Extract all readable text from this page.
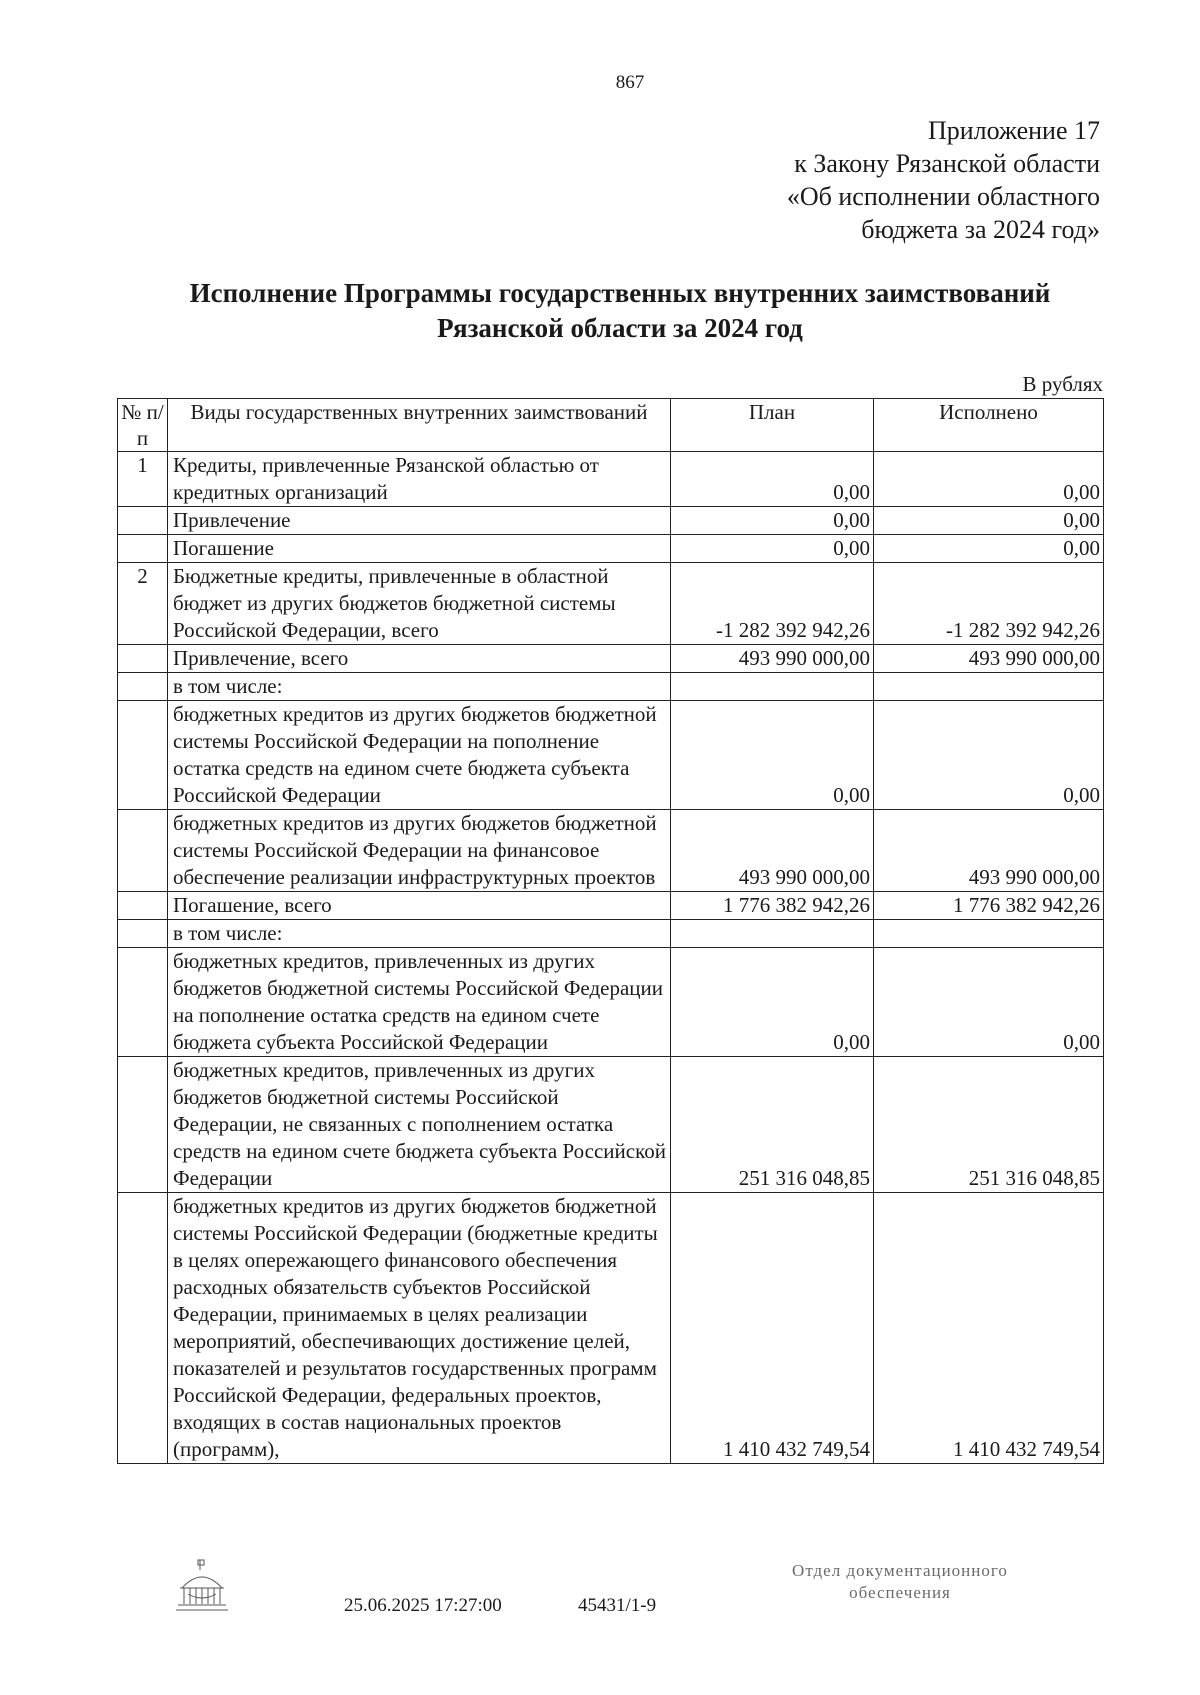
867
Приложение 17
к Закону Рязанской области
«Об исполнении областного
бюджета за 2024 год»
Исполнение Программы государственных внутренних заимствований
Рязанской области за 2024 год
В рублях
№ п/п	Виды государственных внутренних заимствований	План	Исполнено
1	Кредиты, привлеченные Рязанской областью от кредитных организаций	0,00	0,00
	Привлечение	0,00	0,00
	Погашение	0,00	0,00
2	Бюджетные кредиты, привлеченные в областной бюджет из других бюджетов бюджетной системы Российской Федерации, всего	-1 282 392 942,26	-1 282 392 942,26
	Привлечение, всего	493 990 000,00	493 990 000,00
	в том числе:		
	бюджетных кредитов из других бюджетов бюджетной системы Российской Федерации на пополнение остатка средств на едином счете бюджета субъекта Российской Федерации	0,00	0,00
	бюджетных кредитов из других бюджетов бюджетной системы Российской Федерации на финансовое обеспечение реализации инфраструктурных проектов	493 990 000,00	493 990 000,00
	Погашение, всего	1 776 382 942,26	1 776 382 942,26
	в том числе:		
	бюджетных кредитов, привлеченных из других бюджетов бюджетной системы Российской Федерации на пополнение остатка средств на едином счете бюджета субъекта Российской Федерации	0,00	0,00
	бюджетных кредитов, привлеченных из других бюджетов бюджетной системы Российской Федерации, не связанных с пополнением остатка средств на едином счете бюджета субъекта Российской Федерации	251 316 048,85	251 316 048,85
	бюджетных кредитов из других бюджетов бюджетной системы Российской Федерации (бюджетные кредиты в целях опережающего финансового обеспечения расходных обязательств субъектов Российской Федерации, принимаемых в целях реализации мероприятий, обеспечивающих достижение целей, показателей и результатов государственных программ Российской Федерации, федеральных проектов, входящих в состав национальных проектов (программ),	1 410 432 749,54	1 410 432 749,54
25.06.2025 17:27:00	45431/1-9
Отдел документационного
обеспечения
